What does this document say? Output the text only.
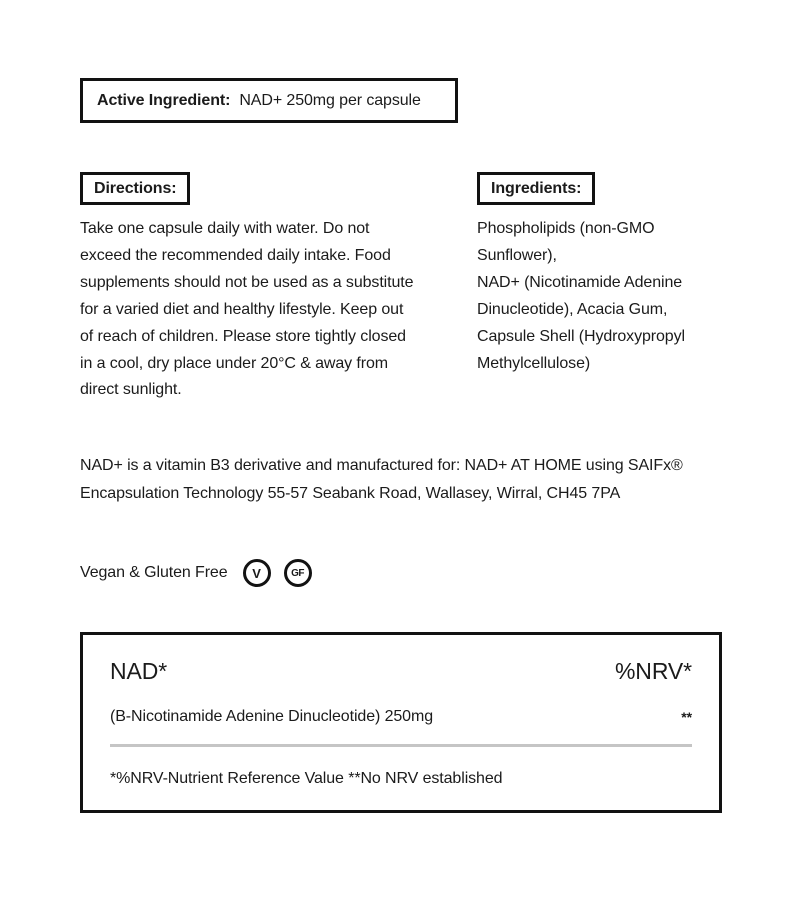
Active Ingredient: NAD+ 250mg per capsule
Directions:
Take one capsule daily with water. Do not
exceed the recommended daily intake. Food
supplements should not be used as a substitute
for a varied diet and healthy lifestyle. Keep out
of reach of children. Please store tightly closed
in a cool, dry place under 20°C & away from
direct sunlight.
Ingredients:
Phospholipids (non-GMO
Sunflower),
NAD+ (Nicotinamide Adenine
Dinucleotide), Acacia Gum,
Capsule Shell (Hydroxypropyl
Methylcellulose)
NAD+ is a vitamin B3 derivative and manufactured for: NAD+ AT HOME using SAIFx®
Encapsulation Technology 55-57 Seabank Road, Wallasey, Wirral, CH45 7PA
Vegan & Gluten Free	V	GF
NAD*	%NRV*
(B-Nicotinamide Adenine Dinucleotide) 250mg	**
*%NRV-Nutrient Reference Value **No NRV established
